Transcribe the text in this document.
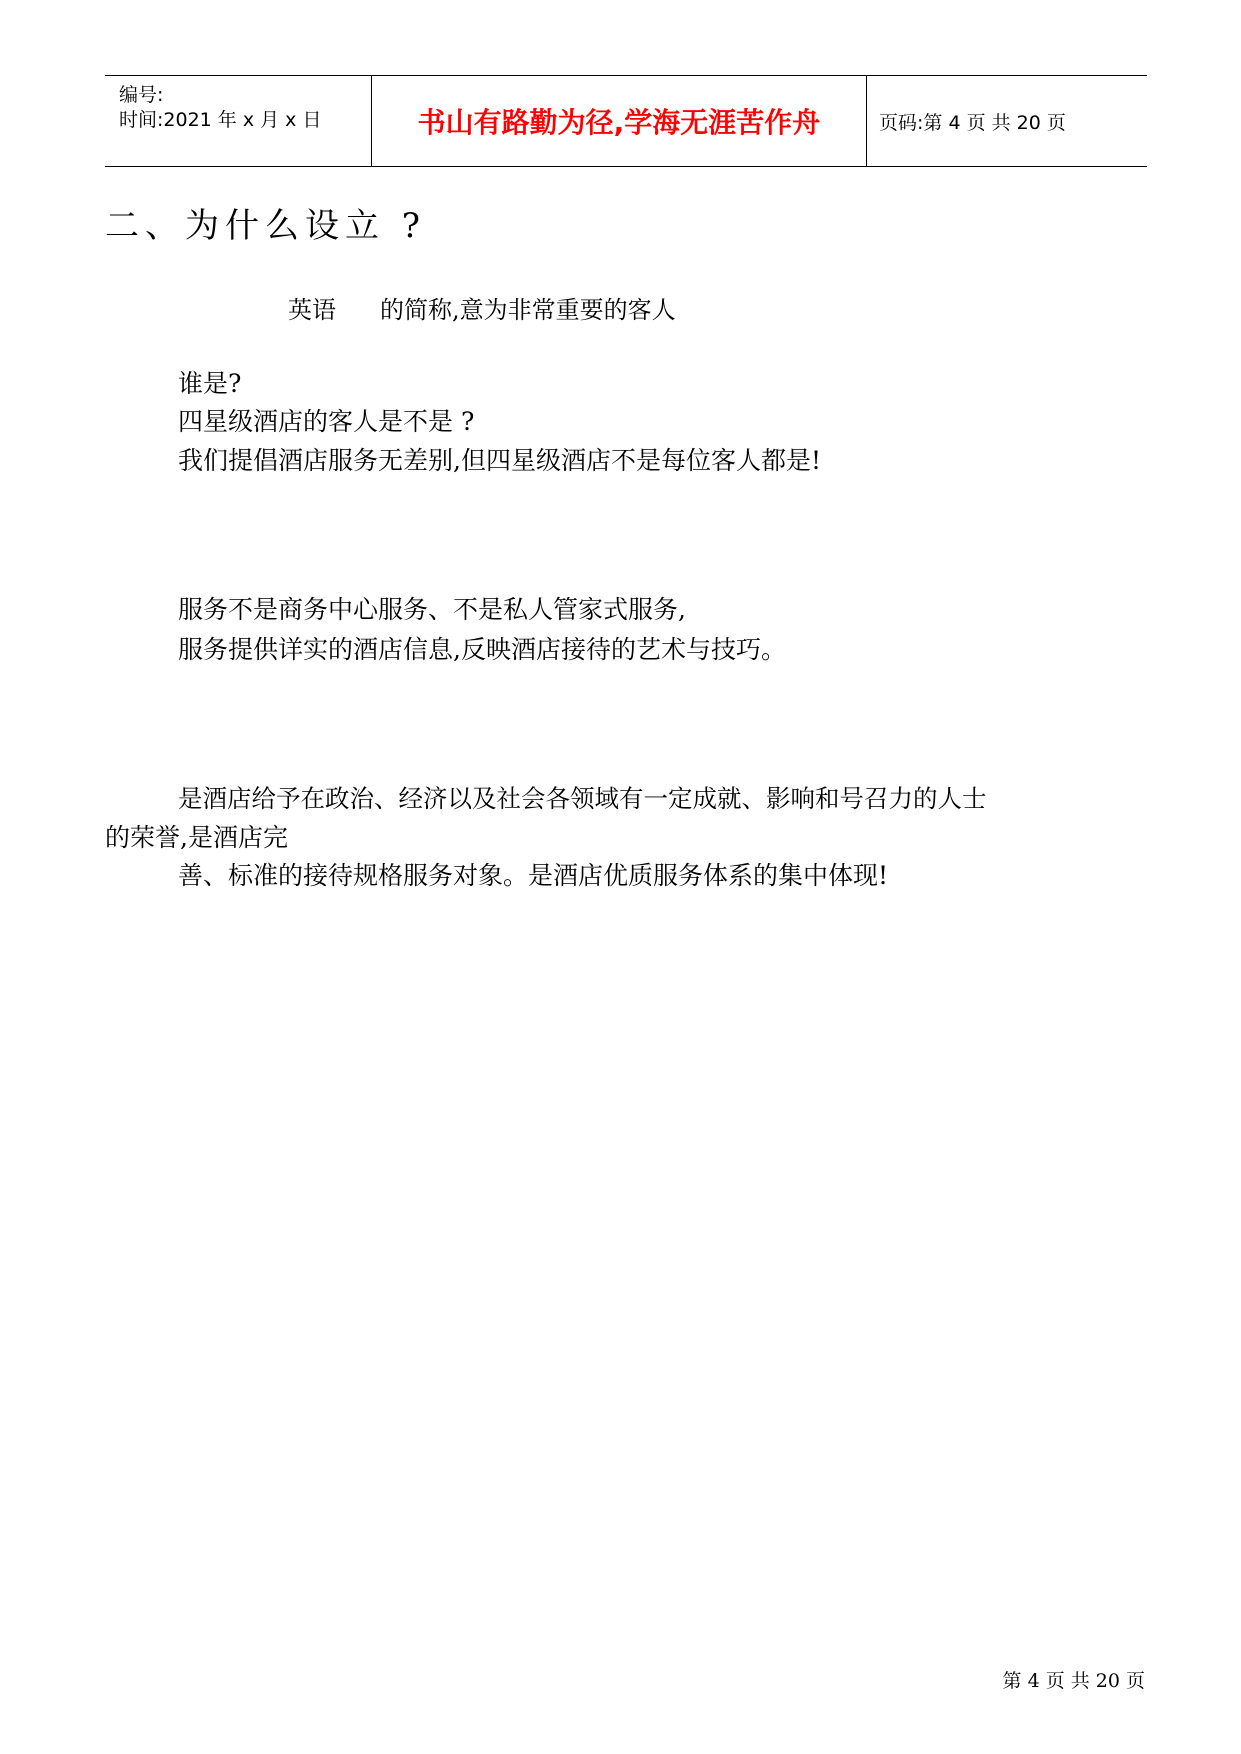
编号:
时间:2021 年 x 月 x 日	书山有路勤为径,学海无涯苦作舟	页码:第 4 页 共 20 页
二、为什么设立 ?
英语 的简称,意为非常重要的客人
谁是?
四星级酒店的客人是不是 ?
我们提倡酒店服务无差别,但四星级酒店不是每位客人都是!
服务不是商务中心服务、不是私人管家式服务,
服务提供详实的酒店信息,反映酒店接待的艺术与技巧。
是酒店给予在政治、经济以及社会各领域有一定成就、影响和号召力的人士
的荣誉,是酒店完
善、标准的接待规格服务对象。是酒店优质服务体系的集中体现!
第 4 页 共 20 页
